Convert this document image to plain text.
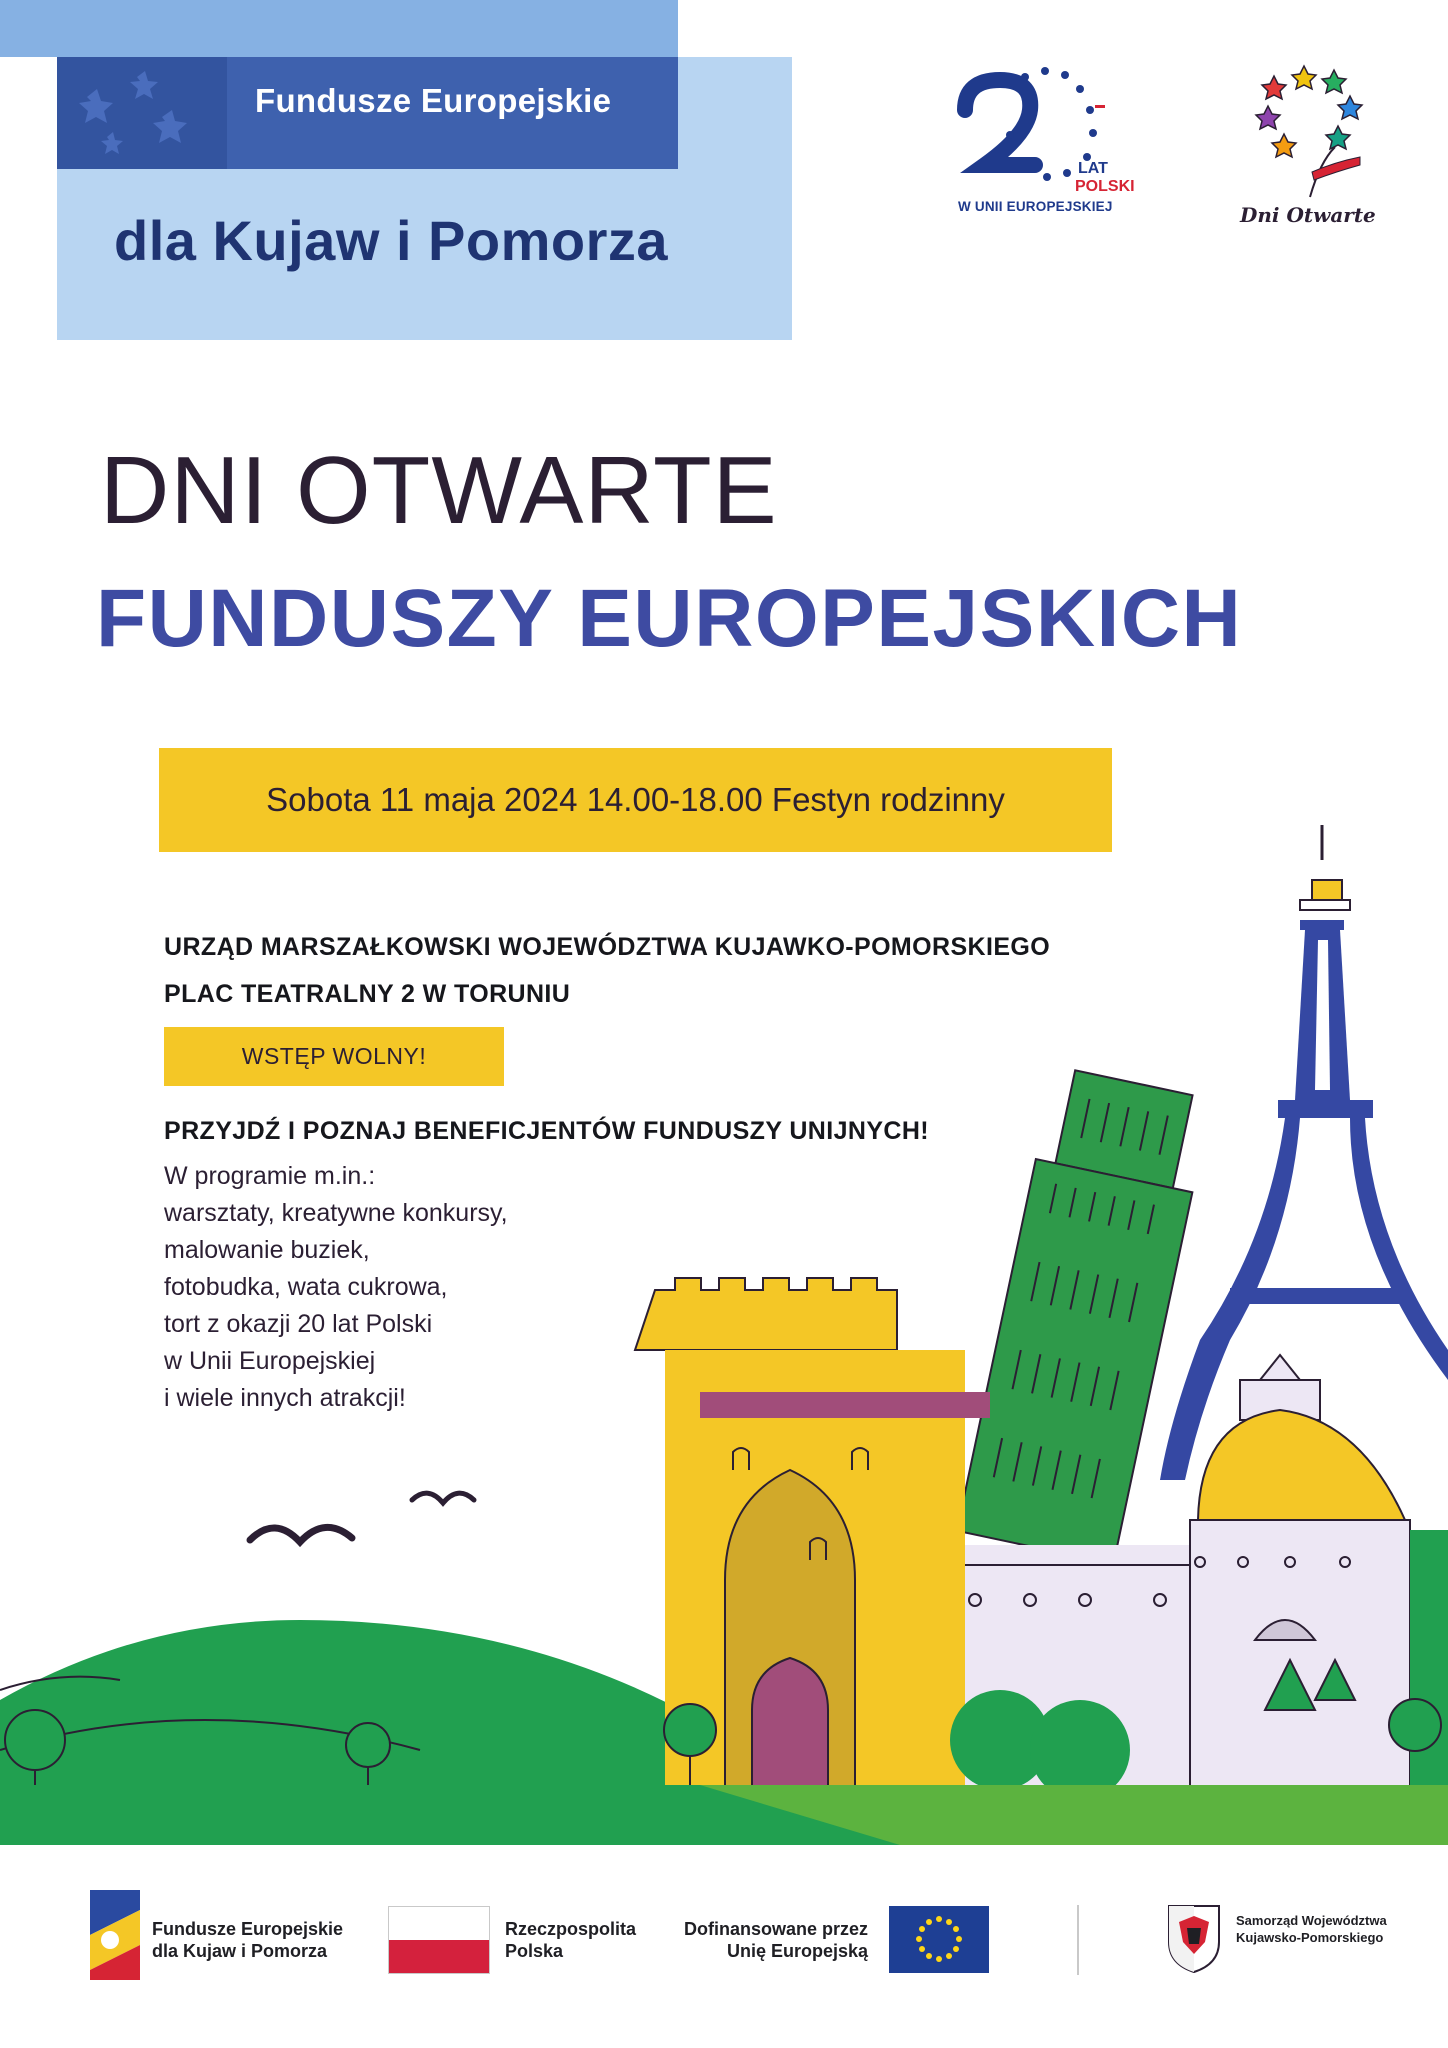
Fundusze Europejskie
dla Kujaw i Pomorza
LAT
POLSKI
W UNII EUROPEJSKIEJ	Dni Otwarte
DNI OTWARTE
FUNDUSZY EUROPEJSKICH
Sobota 11 maja 2024 14.00-18.00 Festyn rodzinny
URZĄD MARSZAŁKOWSKI WOJEWÓDZTWA KUJAWKO-POMORSKIEGO
PLAC TEATRALNY 2 W TORUNIU
WSTĘP WOLNY!
PRZYJDŹ I POZNAJ BENEFICJENTÓW FUNDUSZY UNIJNYCH!
W programie m.in.:
warsztaty, kreatywne konkursy,
malowanie buziek,
fotobudka, wata cukrowa,
tort z okazji 20 lat Polski
w Unii Europejskiej
i wiele innych atrakcji!
Fundusze Europejskie
dla Kujaw i Pomorza
Rzeczpospolita
Polska
Dofinansowane przez
Unię Europejską
Samorząd Województwa
Kujawsko-Pomorskiego
